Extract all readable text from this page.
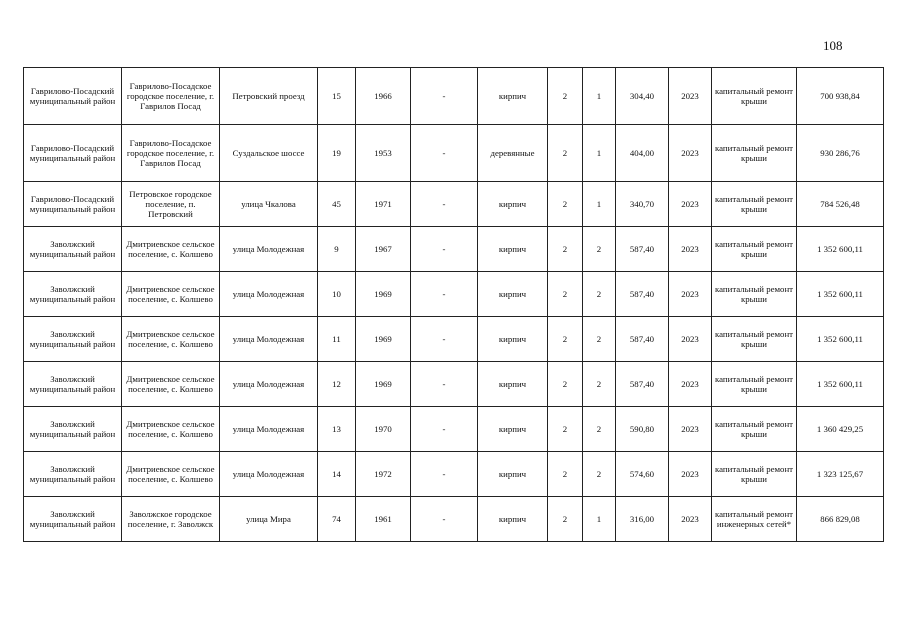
108
Гаврилово-Посадский муниципальный район	Гаврилово-Посадское городское поселение, г. Гаврилов Посад	Петровский проезд	15	1966	-	кирпич	2	1	304,40	2023	капитальный ремонт крыши	700 938,84
Гаврилово-Посадский муниципальный район	Гаврилово-Посадское городское поселение, г. Гаврилов Посад	Суздальское шоссе	19	1953	-	деревянные	2	1	404,00	2023	капитальный ремонт крыши	930 286,76
Гаврилово-Посадский муниципальный район	Петровское городское поселение, п. Петровский	улица Чкалова	45	1971	-	кирпич	2	1	340,70	2023	капитальный ремонт крыши	784 526,48
Заволжский муниципальный район	Дмитриевское сельское поселение, с. Колшево	улица Молодежная	9	1967	-	кирпич	2	2	587,40	2023	капитальный ремонт крыши	1 352 600,11
Заволжский муниципальный район	Дмитриевское сельское поселение, с. Колшево	улица Молодежная	10	1969	-	кирпич	2	2	587,40	2023	капитальный ремонт крыши	1 352 600,11
Заволжский муниципальный район	Дмитриевское сельское поселение, с. Колшево	улица Молодежная	11	1969	-	кирпич	2	2	587,40	2023	капитальный ремонт крыши	1 352 600,11
Заволжский муниципальный район	Дмитриевское сельское поселение, с. Колшево	улица Молодежная	12	1969	-	кирпич	2	2	587,40	2023	капитальный ремонт крыши	1 352 600,11
Заволжский муниципальный район	Дмитриевское сельское поселение, с. Колшево	улица Молодежная	13	1970	-	кирпич	2	2	590,80	2023	капитальный ремонт крыши	1 360 429,25
Заволжский муниципальный район	Дмитриевское сельское поселение, с. Колшево	улица Молодежная	14	1972	-	кирпич	2	2	574,60	2023	капитальный ремонт крыши	1 323 125,67
Заволжский муниципальный район	Заволжское городское поселение, г. Заволжск	улица Мира	74	1961	-	кирпич	2	1	316,00	2023	капитальный ремонт инженерных сетей*	866 829,08
